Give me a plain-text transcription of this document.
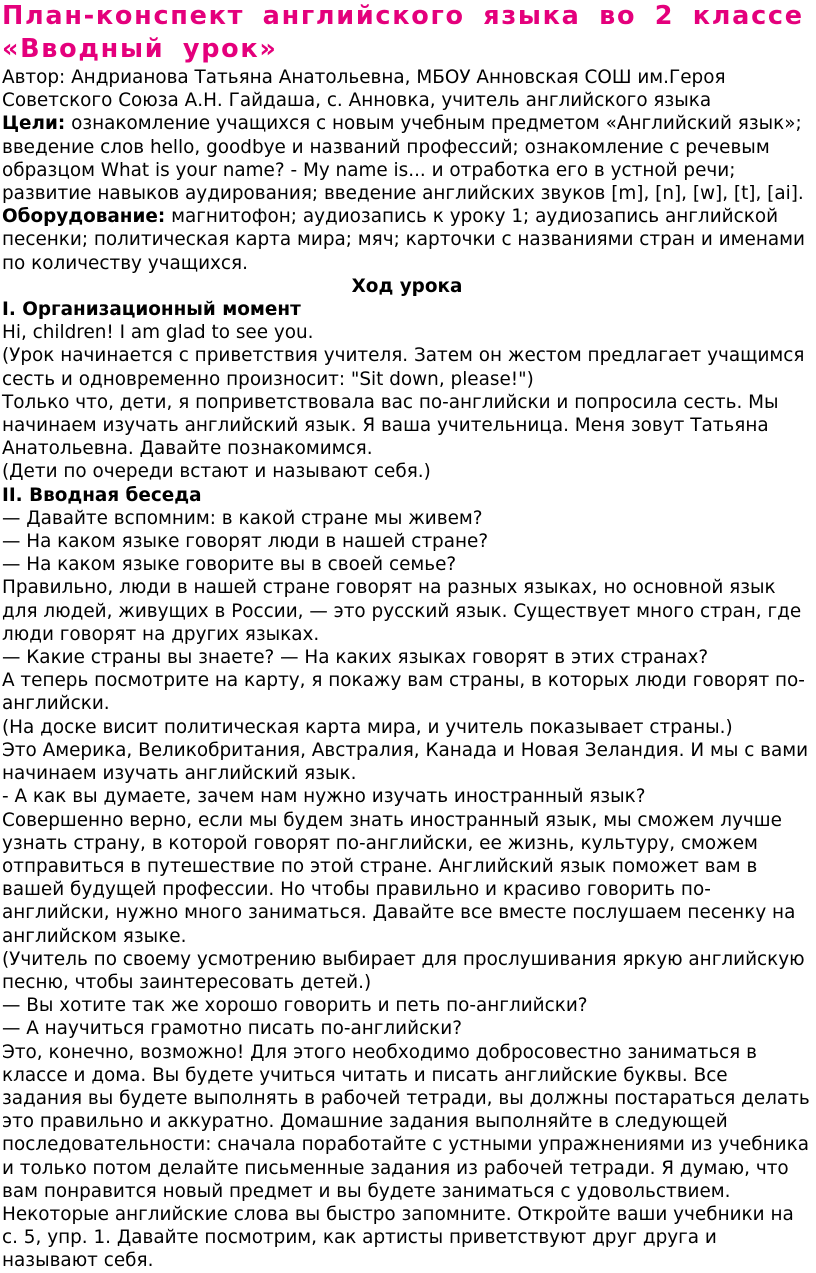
План-конспект английского языка во 2 классе «Вводный урок»

Автор: Андрианова Татьяна Анатольевна, МБОУ Анновская СОШ им.Героя Советского Союза А.Н. Гайдаша, с. Анновка, учитель английского языка

Цели: ознакомление учащихся с новым учебным предметом «Английский язык»; введение слов hello, goodbye и названий профессий; ознакомление с речевым образцом What is your name? - My name is... и отработка его в устной речи; развитие навыков аудирования; введение английских звуков [m], [n], [w], [t], [ai].

Оборудование: магнитофон; аудиозапись к уроку 1; аудиозапись английской песенки; политическая карта мира; мяч; карточки с названиями стран и именами по количеству учащихся.

Ход урока

I. Организационный момент

Hi, children! I am glad to see you.

(Урок начинается с приветствия учителя. Затем он жестом предлагает учащимся сесть и одновременно произносит: "Sit down, please!")

Только что, дети, я поприветствовала вас по-английски и попросила сесть. Мы начинаем изучать английский язык. Я ваша учительница. Меня зовут Татьяна Анатольевна. Давайте познакомимся.

(Дети по очереди встают и называют себя.)

II. Вводная беседа

— Давайте вспомним: в какой стране мы живем?

— На каком языке говорят люди в нашей стране?

— На каком языке говорите вы в своей семье?

Правильно, люди в нашей стране говорят на разных языках, но основной язык для людей, живущих в России, — это русский язык. Существует много стран, где люди говорят на других языках.

— Какие страны вы знаете? — На каких языках говорят в этих странах?

А теперь посмотрите на карту, я покажу вам страны, в которых люди говорят по-английски.

(На доске висит политическая карта мира, и учитель показывает страны.)

Это Америка, Великобритания, Австралия, Канада и Новая Зеландия. И мы с вами начинаем изучать английский язык.

- А как вы думаете, зачем нам нужно изучать иностранный язык?

Совершенно верно, если мы будем знать иностранный язык, мы сможем лучше узнать страну, в которой говорят по-английски, ее жизнь, культуру, сможем отправиться в путешествие по этой стране. Английский язык поможет вам в вашей будущей профессии. Но чтобы правильно и красиво говорить по-английски, нужно много заниматься. Давайте все вместе послушаем песенку на английском языке.

(Учитель по своему усмотрению выбирает для прослушивания яркую английскую песню, чтобы заинтересовать детей.)

— Вы хотите так же хорошо говорить и петь по-английски?

— А научиться грамотно писать по-английски?

Это, конечно, возможно! Для этого необходимо добросовестно заниматься в классе и дома. Вы будете учиться читать и писать английские буквы. Все задания вы будете выполнять в рабочей тетради, вы должны постараться делать это правильно и аккуратно. Домашние задания выполняйте в следующей последовательности: сначала поработайте с устными упражнениями из учебника и только потом делайте письменные задания из рабочей тетради. Я думаю, что вам понравится новый предмет и вы будете заниматься с удовольствием.

Некоторые английские слова вы быстро запомните. Откройте ваши учебники на с. 5, упр. 1. Давайте посмотрим, как артисты приветствуют друг друга и называют себя.
